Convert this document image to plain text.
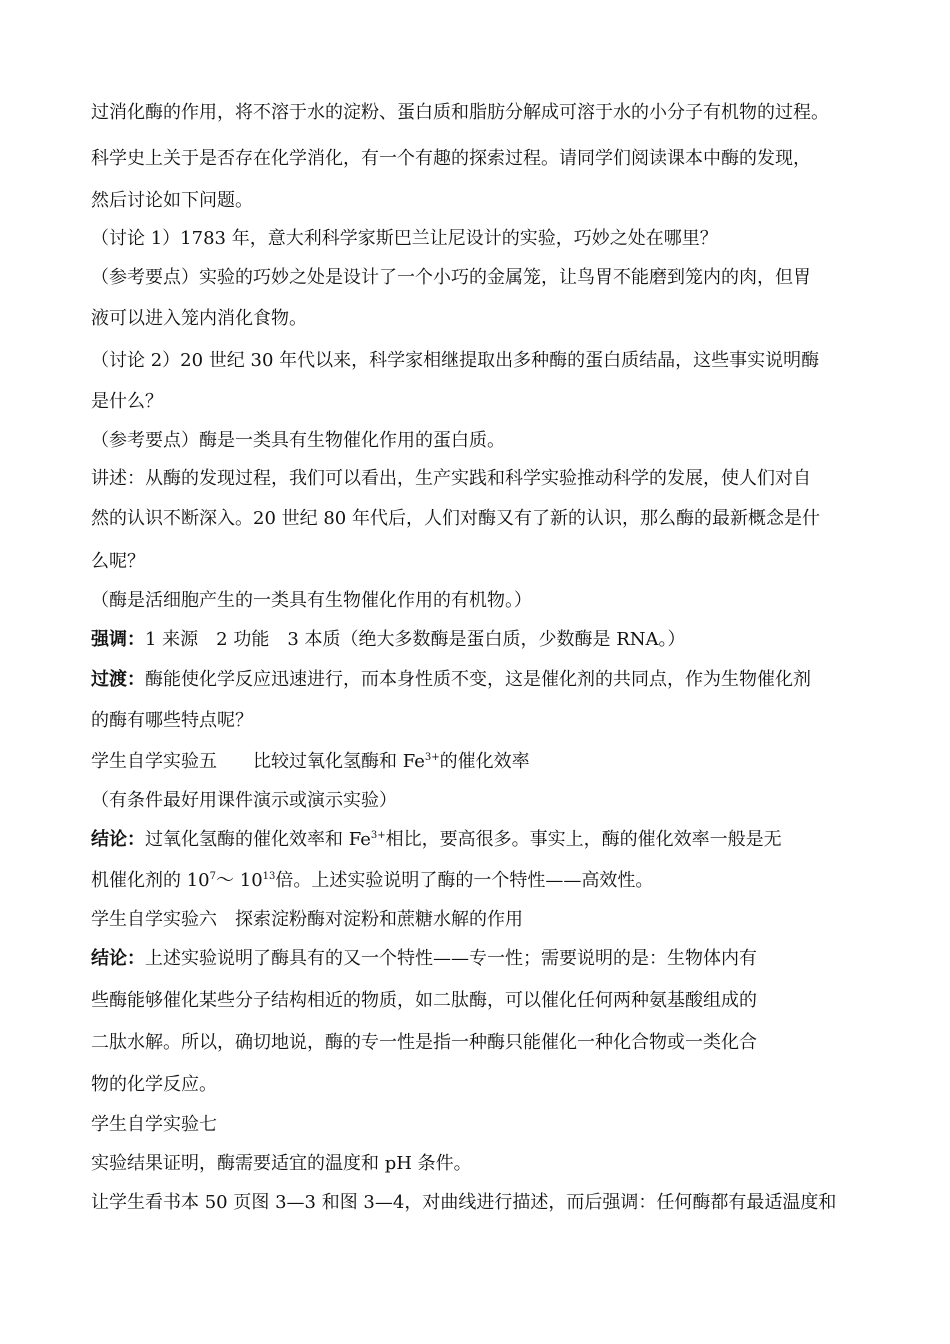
过消化酶的作用，将不溶于水的淀粉、蛋白质和脂肪分解成可溶于水的小分子有机物的过程。
科学史上关于是否存在化学消化，有一个有趣的探索过程。请同学们阅读课本中酶的发现，
然后讨论如下问题。
（讨论 1）1783 年，意大利科学家斯巴兰让尼设计的实验，巧妙之处在哪里？
（参考要点）实验的巧妙之处是设计了一个小巧的金属笼，让鸟胃不能磨到笼内的肉，但胃
液可以进入笼内消化食物。
（讨论 2）20 世纪 30 年代以来，科学家相继提取出多种酶的蛋白质结晶，这些事实说明酶
是什么？
（参考要点）酶是一类具有生物催化作用的蛋白质。
讲述：从酶的发现过程，我们可以看出，生产实践和科学实验推动科学的发展，使人们对自
然的认识不断深入。20 世纪 80 年代后，人们对酶又有了新的认识，那么酶的最新概念是什
么呢？
（酶是活细胞产生的一类具有生物催化作用的有机物。）
强调：1 来源　2 功能　3 本质（绝大多数酶是蛋白质，少数酶是 RNA。）
过渡：酶能使化学反应迅速进行，而本身性质不变，这是催化剂的共同点，作为生物催化剂
的酶有哪些特点呢？
学生自学实验五　　比较过氧化氢酶和 $Fe^{3+}$的催化效率
（有条件最好用课件演示或演示实验）
结论：过氧化氢酶的催化效率和 $Fe^{3+}$相比，要高很多。事实上，酶的催化效率一般是无
机催化剂的 $10^7\sim$ $10^{13}$倍。上述实验说明了酶的一个特性——高效性。
学生自学实验六　探索淀粉酶对淀粉和蔗糖水解的作用
结论：上述实验说明了酶具有的又一个特性——专一性；需要说明的是：生物体内有
些酶能够催化某些分子结构相近的物质，如二肽酶，可以催化任何两种氨基酸组成的
二肽水解。所以，确切地说，酶的专一性是指一种酶只能催化一种化合物或一类化合
物的化学反应。
学生自学实验七
实验结果证明，酶需要适宜的温度和 pH 条件。
让学生看书本 50 页图 3—3 和图 3—4，对曲线进行描述，而后强调：任何酶都有最适温度和
